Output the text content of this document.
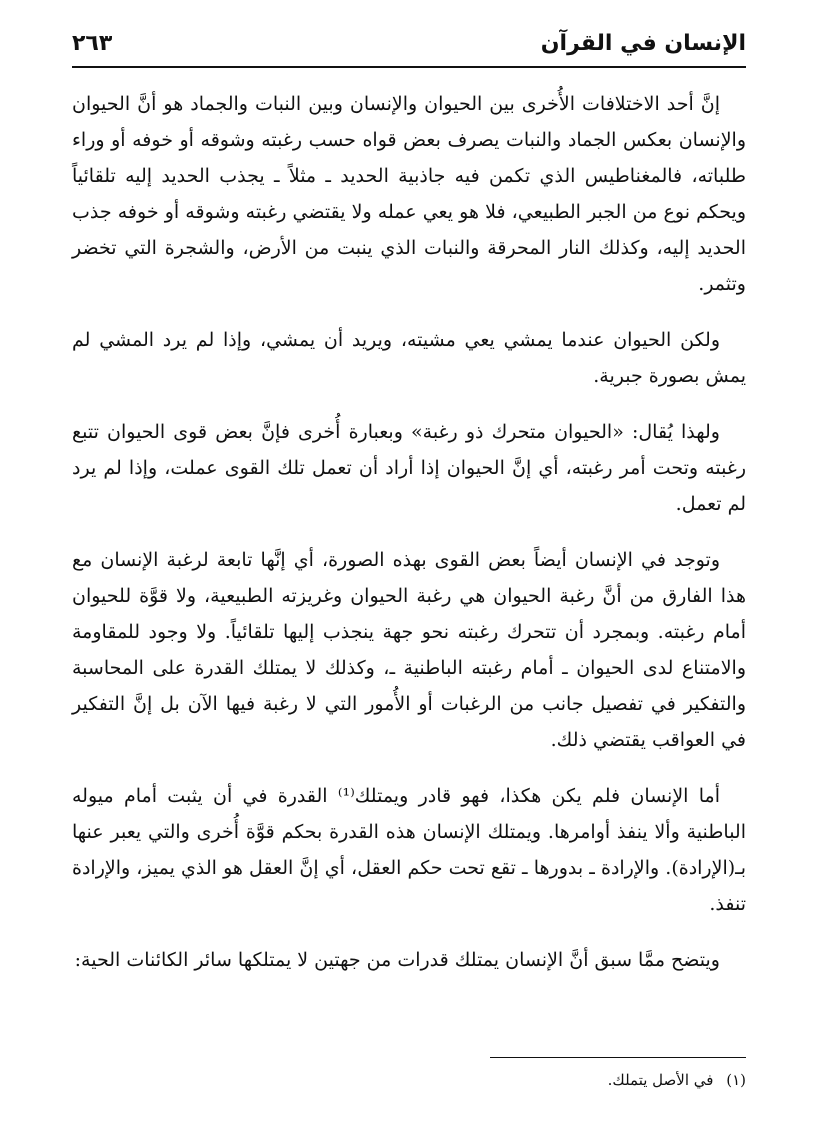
الإنسان في القرآن
٢٦٣

إنَّ أحد الاختلافات الأُخرى بين الحيوان والإنسان وبين النبات والجماد هو أنَّ الحيوان والإنسان بعكس الجماد والنبات يصرف بعض قواه حسب رغبته وشوقه أو خوفه أو وراء طلباته، فالمغناطيس الذي تكمن فيه جاذبية الحديد ـ مثلاً ـ يجذب الحديد إليه تلقائياً ويحكم نوع من الجبر الطبيعي، فلا هو يعي عمله ولا يقتضي رغبته وشوقه أو خوفه جذب الحديد إليه، وكذلك النار المحرقة والنبات الذي ينبت من الأرض، والشجرة التي تخضر وتثمر.

ولكن الحيوان عندما يمشي يعي مشيته، ويريد أن يمشي، وإذا لم يرد المشي لم يمش بصورة جبرية.

ولهذا يُقال: «الحيوان متحرك ذو رغبة» وبعبارة أُخرى فإنَّ بعض قوى الحيوان تتبع رغبته وتحت أمر رغبته، أي إنَّ الحيوان إذا أراد أن تعمل تلك القوى عملت، وإذا لم يرد لم تعمل.

وتوجد في الإنسان أيضاً بعض القوى بهذه الصورة، أي إنَّها تابعة لرغبة الإنسان مع هذا الفارق من أنَّ رغبة الحيوان هي رغبة الحيوان وغريزته الطبيعية، ولا قوَّة للحيوان أمام رغبته. وبمجرد أن تتحرك رغبته نحو جهة ينجذب إليها تلقائياً. ولا وجود للمقاومة والامتناع لدى الحيوان ـ أمام رغبته الباطنية ـ، وكذلك لا يمتلك القدرة على المحاسبة والتفكير في تفصيل جانب من الرغبات أو الأُمور التي لا رغبة فيها الآن بل إنَّ التفكير في العواقب يقتضي ذلك.

أما الإنسان فلم يكن هكذا، فهو قادر ويمتلك⁽¹⁾ القدرة في أن يثبت أمام ميوله الباطنية وألا ينفذ أوامرها. ويمتلك الإنسان هذه القدرة بحكم قوَّة أُخرى والتي يعبر عنها بـ(الإرادة). والإرادة ـ بدورها ـ تقع تحت حكم العقل، أي إنَّ العقل هو الذي يميز، والإرادة تنفذ.

ويتضح ممَّا سبق أنَّ الإنسان يمتلك قدرات من جهتين لا يمتلكها سائر الكائنات الحية:

(١) في الأصل يتملك.
